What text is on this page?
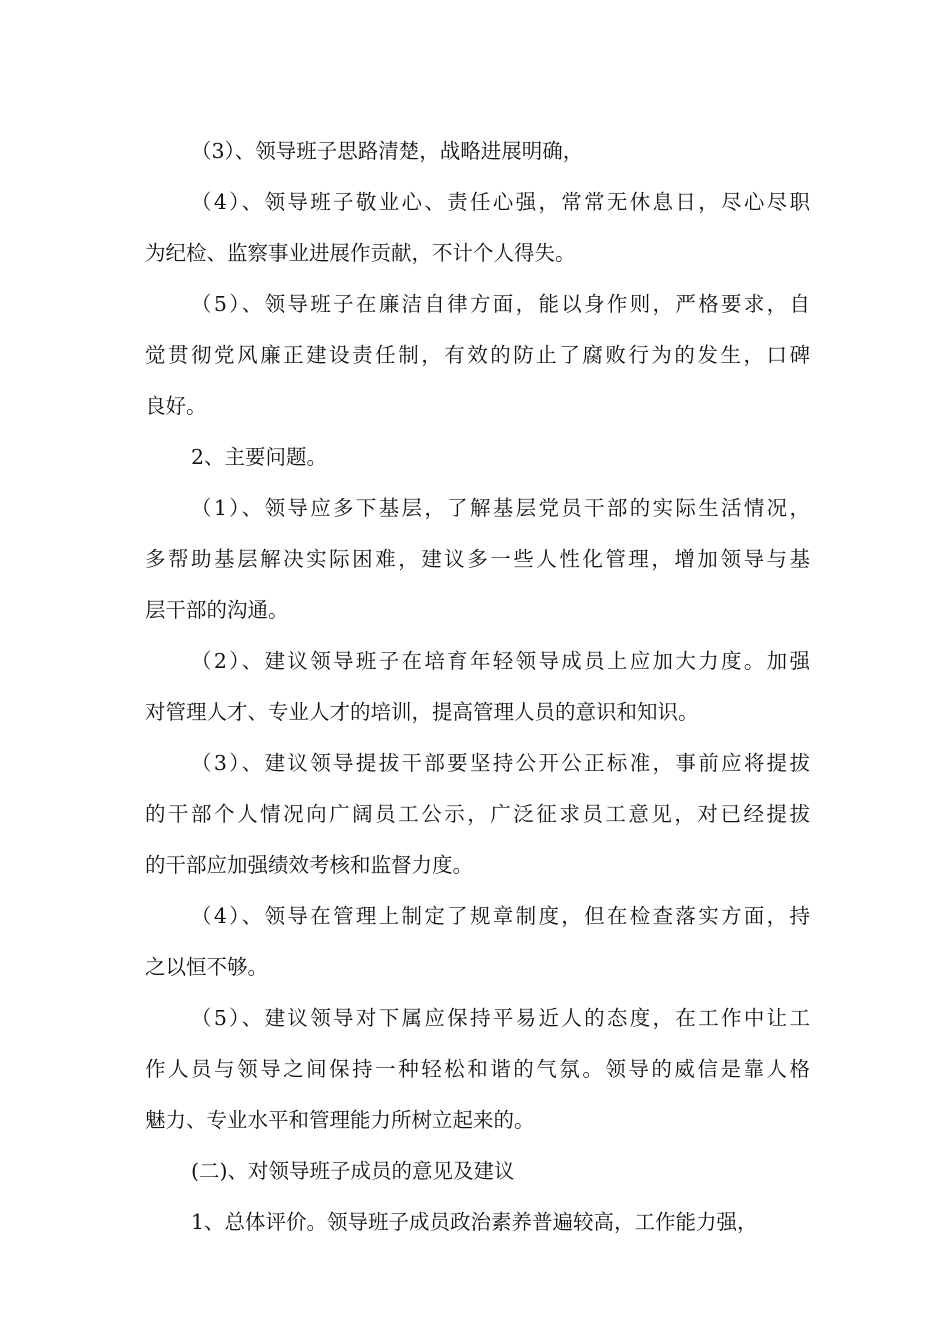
（3）、领导班子思路清楚，战略进展明确，
（4）、领导班子敬业心、责任心强，常常无休息日，尽心尽职
为纪检、监察事业进展作贡献，不计个人得失。
（5）、领导班子在廉洁自律方面，能以身作则，严格要求，自
觉贯彻党风廉正建设责任制，有效的防止了腐败行为的发生，口碑
良好。
2、主要问题。
（1）、领导应多下基层，了解基层党员干部的实际生活情况，
多帮助基层解决实际困难，建议多一些人性化管理，增加领导与基
层干部的沟通。
（2）、建议领导班子在培育年轻领导成员上应加大力度。加强
对管理人才、专业人才的培训，提高管理人员的意识和知识。
（3）、建议领导提拔干部要坚持公开公正标准，事前应将提拔
的干部个人情况向广阔员工公示，广泛征求员工意见，对已经提拔
的干部应加强绩效考核和监督力度。
（4）、领导在管理上制定了规章制度，但在检查落实方面，持
之以恒不够。
（5）、建议领导对下属应保持平易近人的态度，在工作中让工
作人员与领导之间保持一种轻松和谐的气氛。领导的威信是靠人格
魅力、专业水平和管理能力所树立起来的。
(二)、对领导班子成员的意见及建议
1、总体评价。领导班子成员政治素养普遍较高，工作能力强，
